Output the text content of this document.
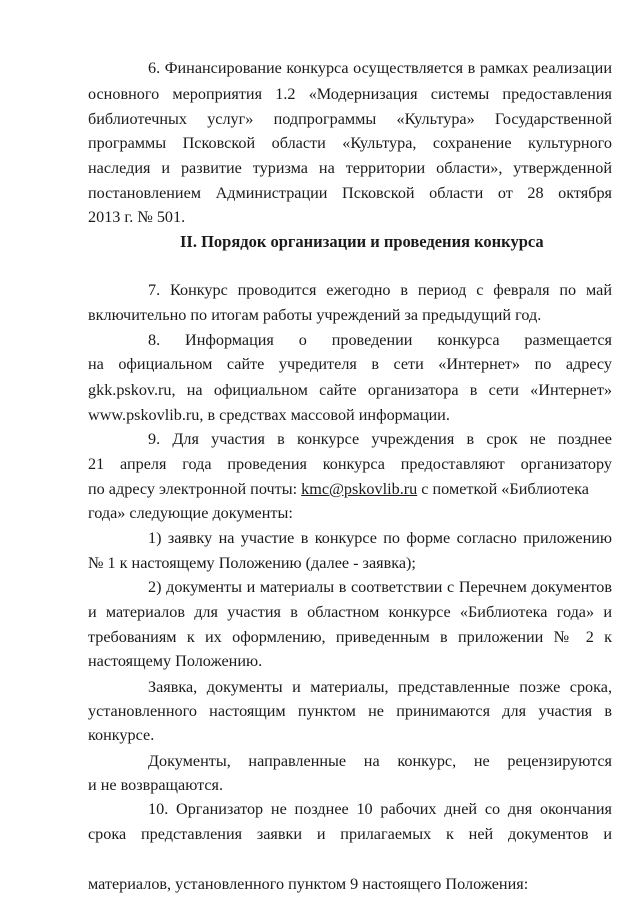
6. Финансирование конкурса осуществляется в рамках реализации
основного мероприятия 1.2 «Модернизация системы предоставления
библиотечных услуг» подпрограммы «Культура» Государственной
программы Псковской области «Культура, сохранение культурного
наследия и развитие туризма на территории области», утвержденной
постановлением Администрации Псковской области от 28 октября
2013 г. № 501.
II. Порядок организации и проведения конкурса
7. Конкурс проводится ежегодно в период с февраля по май
включительно по итогам работы учреждений за предыдущий год.
8. Информация о проведении конкурса размещается
на официальном сайте учредителя в сети «Интернет» по адресу
gkk.pskov.ru, на официальном сайте организатора в сети «Интернет»
www.pskovlib.ru, в средствах массовой информации.
9. Для участия в конкурсе учреждения в срок не позднее
21 апреля года проведения конкурса предоставляют организатору
по адресу электронной почты: kmc@pskovlib.ru с пометкой «Библиотека
года» следующие документы:
1) заявку на участие в конкурсе по форме согласно приложению
№ 1 к настоящему Положению (далее - заявка);
2) документы и материалы в соответствии с Перечнем документов
и материалов для участия в областном конкурсе «Библиотека года» и
требованиям к их оформлению, приведенным в приложении № 2 к
настоящему Положению.
Заявка, документы и материалы, представленные позже срока,
установленного настоящим пунктом не принимаются для участия в
конкурсе.
Документы, направленные на конкурс, не рецензируются
и не возвращаются.
10. Организатор не позднее 10 рабочих дней со дня окончания
срока представления заявки и прилагаемых к ней документов и
материалов, установленного пунктом 9 настоящего Положения:
